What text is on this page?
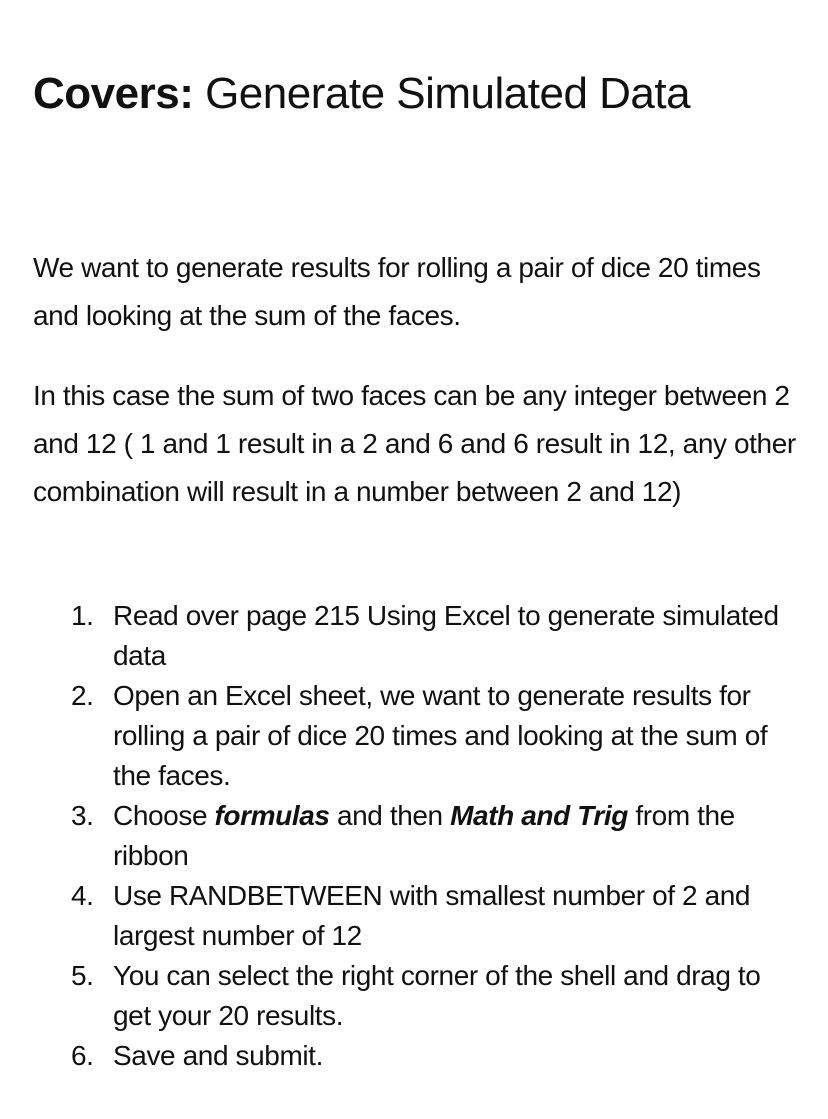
Covers: Generate Simulated Data

We want to generate results for rolling a pair of dice 20 times and looking at the sum of the faces.

In this case the sum of two faces can be any integer between 2 and 12 ( 1 and 1 result in a 2 and 6 and 6 result in 12, any other combination will result in a number between 2 and 12)

1. Read over page 215 Using Excel to generate simulated data
2. Open an Excel sheet, we want to generate results for rolling a pair of dice 20 times and looking at the sum of the faces.
3. Choose formulas and then Math and Trig from the ribbon
4. Use RANDBETWEEN with smallest number of 2 and largest number of 12
5. You can select the right corner of the shell and drag to get your 20 results.
6. Save and submit.
